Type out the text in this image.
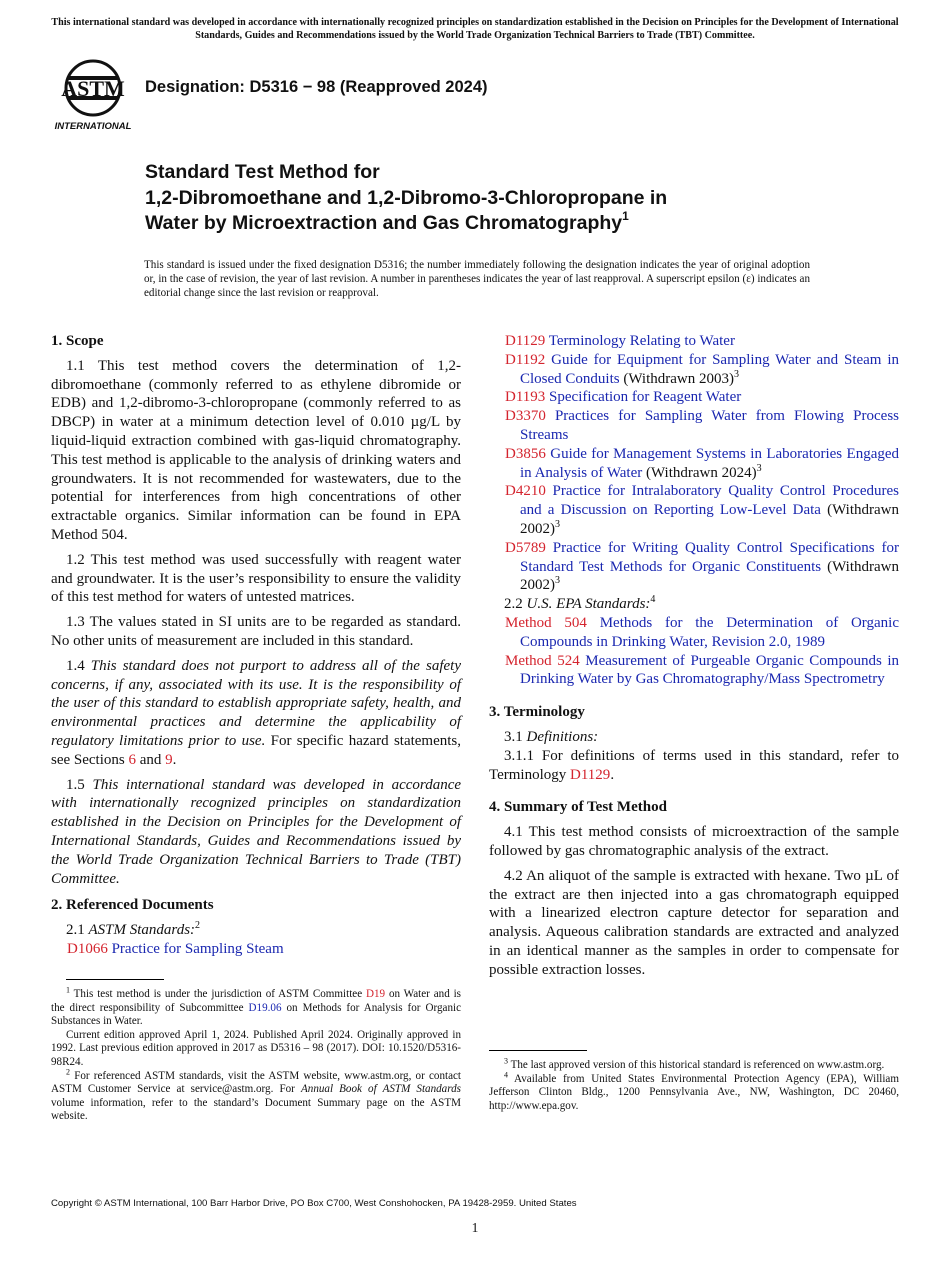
This international standard was developed in accordance with internationally recognized principles on standardization established in the Decision on Principles for the Development of International Standards, Guides and Recommendations issued by the World Trade Organization Technical Barriers to Trade (TBT) Committee.
ASTM
INTERNATIONAL
Designation: D5316 − 98 (Reapproved 2024)
Standard Test Method for
1,2-Dibromoethane and 1,2-Dibromo-3-Chloropropane in
Water by Microextraction and Gas Chromatography$^1$
This standard is issued under the fixed designation D5316; the number immediately following the designation indicates the year of original adoption or, in the case of revision, the year of last revision. A number in parentheses indicates the year of last reapproval. A superscript epsilon (ε) indicates an editorial change since the last revision or reapproval.
1. Scope

1.1 This test method covers the determination of 1,2-dibromoethane (commonly referred to as ethylene dibromide or EDB) and 1,2-dibromo-3-chloropropane (commonly referred to as DBCP) in water at a minimum detection level of 0.010 µg/L by liquid-liquid extraction combined with gas-liquid chromatography. This test method is applicable to the analysis of drinking waters and groundwaters. It is not recommended for wastewaters, due to the potential for interferences from high concentrations of other extractable organics. Similar information can be found in EPA Method 504.

1.2 This test method was used successfully with reagent water and groundwater. It is the user’s responsibility to ensure the validity of this test method for waters of untested matrices.

1.3 The values stated in SI units are to be regarded as standard. No other units of measurement are included in this standard.

1.4 This standard does not purport to address all of the safety concerns, if any, associated with its use. It is the responsibility of the user of this standard to establish appropriate safety, health, and environmental practices and determine the applicability of regulatory limitations prior to use. For specific hazard statements, see Sections 6 and 9.

1.5 This international standard was developed in accordance with internationally recognized principles on standardization established in the Decision on Principles for the Development of International Standards, Guides and Recommendations issued by the World Trade Organization Technical Barriers to Trade (TBT) Committee.

2. Referenced Documents

2.1 ASTM Standards:$^2$

D1066 Practice for Sampling Steam

D1129 Terminology Relating to Water

D1192 Guide for Equipment for Sampling Water and Steam in Closed Conduits (Withdrawn 2003)$^3$

D1193 Specification for Reagent Water

D3370 Practices for Sampling Water from Flowing Process Streams

D3856 Guide for Management Systems in Laboratories Engaged in Analysis of Water (Withdrawn 2024)$^3$

D4210 Practice for Intralaboratory Quality Control Procedures and a Discussion on Reporting Low-Level Data (Withdrawn 2002)$^3$

D5789 Practice for Writing Quality Control Specifications for Standard Test Methods for Organic Constituents (Withdrawn 2002)$^3$

2.2 U.S. EPA Standards:$^4$

Method 504 Methods for the Determination of Organic Compounds in Drinking Water, Revision 2.0, 1989

Method 524 Measurement of Purgeable Organic Compounds in Drinking Water by Gas Chromatography/Mass Spectrometry

3. Terminology

3.1 Definitions:

3.1.1 For definitions of terms used in this standard, refer to Terminology D1129.

4. Summary of Test Method

4.1 This test method consists of microextraction of the sample followed by gas chromatographic analysis of the extract.

4.2 An aliquot of the sample is extracted with hexane. Two µL of the extract are then injected into a gas chromatograph equipped with a linearized electron capture detector for separation and analysis. Aqueous calibration standards are extracted and analyzed in an identical manner as the samples in order to compensate for possible extraction losses.

$^1$ This test method is under the jurisdiction of ASTM Committee D19 on Water and is the direct responsibility of Subcommittee D19.06 on Methods for Analysis for Organic Substances in Water.

Current edition approved April 1, 2024. Published April 2024. Originally approved in 1992. Last previous edition approved in 2017 as D5316 – 98 (2017). DOI: 10.1520/D5316-98R24.

$^2$ For referenced ASTM standards, visit the ASTM website, www.astm.org, or contact ASTM Customer Service at service@astm.org. For Annual Book of ASTM Standards volume information, refer to the standard’s Document Summary page on the ASTM website.

$^3$ The last approved version of this historical standard is referenced on www.astm.org.

$^4$ Available from United States Environmental Protection Agency (EPA), William Jefferson Clinton Bldg., 1200 Pennsylvania Ave., NW, Washington, DC 20460, http://www.epa.gov.

Copyright © ASTM International, 100 Barr Harbor Drive, PO Box C700, West Conshohocken, PA 19428-2959. United States
1
